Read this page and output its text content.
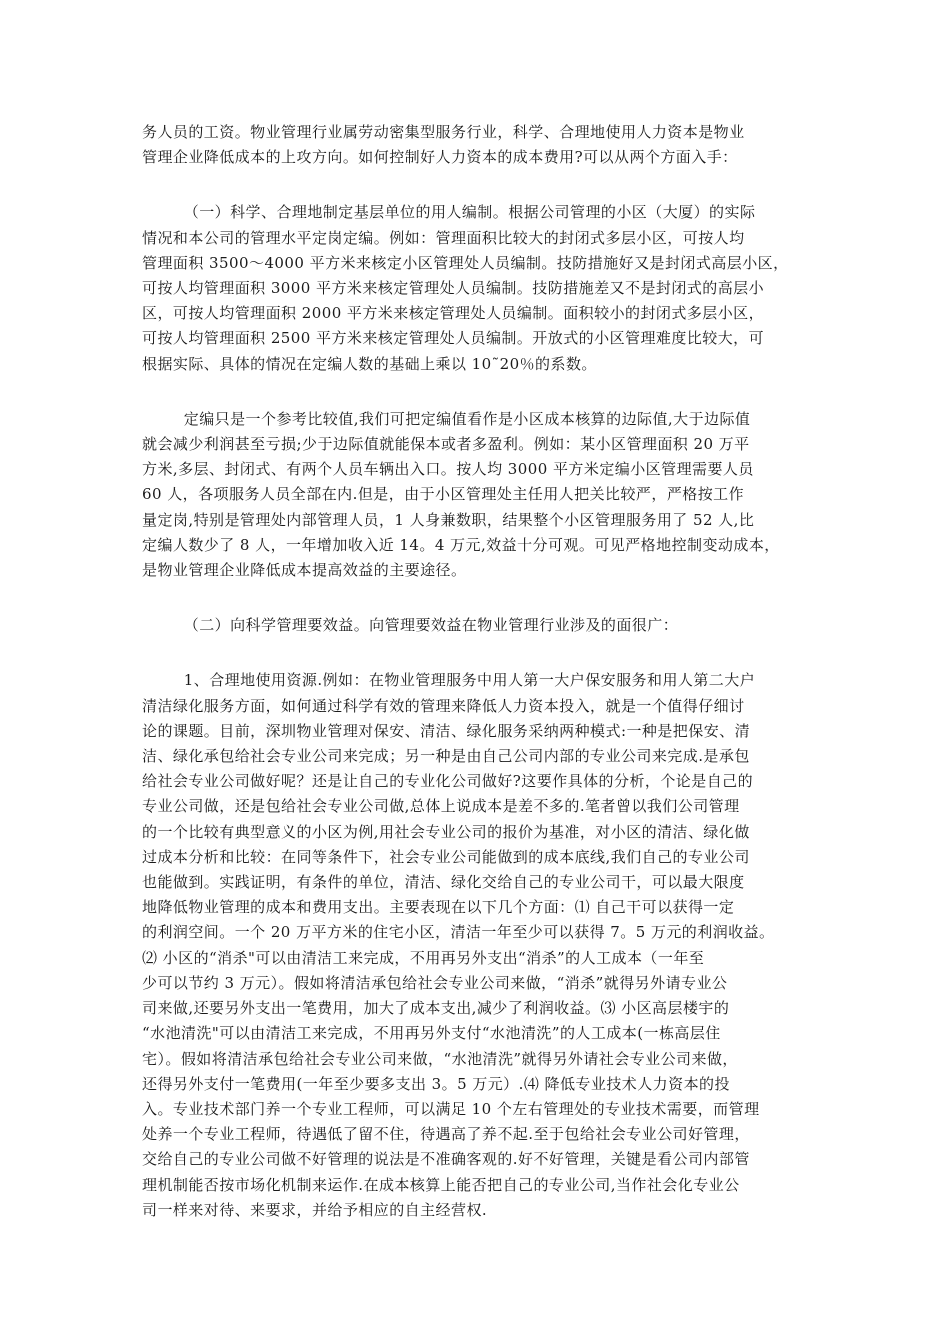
务人员的工资。物业管理行业属劳动密集型服务行业，科学、合理地使用人力资本是物业
管理企业降低成本的上攻方向。如何控制好人力资本的成本费用?可以从两个方面入手：
（一）科学、合理地制定基层单位的用人编制。根据公司管理的小区（大厦）的实际
情况和本公司的管理水平定岗定编。例如：管理面积比较大的封闭式多层小区，可按人均
管理面积 3500～4000 平方米来核定小区管理处人员编制。技防措施好又是封闭式高层小区，
可按人均管理面积 3000 平方米来核定管理处人员编制。技防措施差又不是封闭式的高层小
区，可按人均管理面积 2000 平方米来核定管理处人员编制。面积较小的封闭式多层小区，
可按人均管理面积 2500 平方米来核定管理处人员编制。开放式的小区管理难度比较大，可
根据实际、具体的情况在定编人数的基础上乘以 10˜20％的系数。
定编只是一个参考比较值,我们可把定编值看作是小区成本核算的边际值,大于边际值
就会减少利润甚至亏损;少于边际值就能保本或者多盈利。例如：某小区管理面积 20 万平
方米,多层、封闭式、有两个人员车辆出入口。按人均 3000 平方米定编小区管理需要人员
60 人，各项服务人员全部在内.但是，由于小区管理处主任用人把关比较严，严格按工作
量定岗,特别是管理处内部管理人员，1 人身兼数职，结果整个小区管理服务用了 52 人,比
定编人数少了 8 人，一年增加收入近 14。4 万元,效益十分可观。可见严格地控制变动成本，
是物业管理企业降低成本提高效益的主要途径。
（二）向科学管理要效益。向管理要效益在物业管理行业涉及的面很广：
1、合理地使用资源.例如：在物业管理服务中用人第一大户保安服务和用人第二大户
清洁绿化服务方面，如何通过科学有效的管理来降低人力资本投入，就是一个值得仔细讨
论的课题。目前，深圳物业管理对保安、清洁、绿化服务采纳两种模式:一种是把保安、清
洁、绿化承包给社会专业公司来完成；另一种是由自己公司内部的专业公司来完成.是承包
给社会专业公司做好呢？还是让自己的专业化公司做好?这要作具体的分析，个论是自己的
专业公司做，还是包给社会专业公司做,总体上说成本是差不多的.笔者曾以我们公司管理
的一个比较有典型意义的小区为例,用社会专业公司的报价为基准，对小区的清洁、绿化做
过成本分析和比较：在同等条件下，社会专业公司能做到的成本底线,我们自己的专业公司
也能做到。实践证明，有条件的单位，清洁、绿化交给自己的专业公司干，可以最大限度
地降低物业管理的成本和费用支出。主要表现在以下几个方面：⑴ 自己干可以获得一定
的利润空间。一个 20 万平方米的住宅小区，清洁一年至少可以获得 7。5 万元的利润收益。
⑵ 小区的“消杀"可以由清洁工来完成，不用再另外支出“消杀”的人工成本（一年至
少可以节约 3 万元）。假如将清洁承包给社会专业公司来做，“消杀”就得另外请专业公
司来做,还要另外支出一笔费用，加大了成本支出,减少了利润收益。⑶ 小区高层楼宇的
“水池清洗"可以由清洁工来完成，不用再另外支付“水池清洗”的人工成本(一栋高层住
宅）。假如将清洁承包给社会专业公司来做，“水池清洗”就得另外请社会专业公司来做，
还得另外支付一笔费用(一年至少要多支出 3。5 万元）.⑷ 降低专业技术人力资本的投
入。专业技术部门养一个专业工程师，可以满足 10 个左右管理处的专业技术需要，而管理
处养一个专业工程师，待遇低了留不住，待遇高了养不起.至于包给社会专业公司好管理，
交给自己的专业公司做不好管理的说法是不准确客观的.好不好管理，关键是看公司内部管
理机制能否按市场化机制来运作.在成本核算上能否把自己的专业公司,当作社会化专业公
司一样来对待、来要求，并给予相应的自主经营权.
